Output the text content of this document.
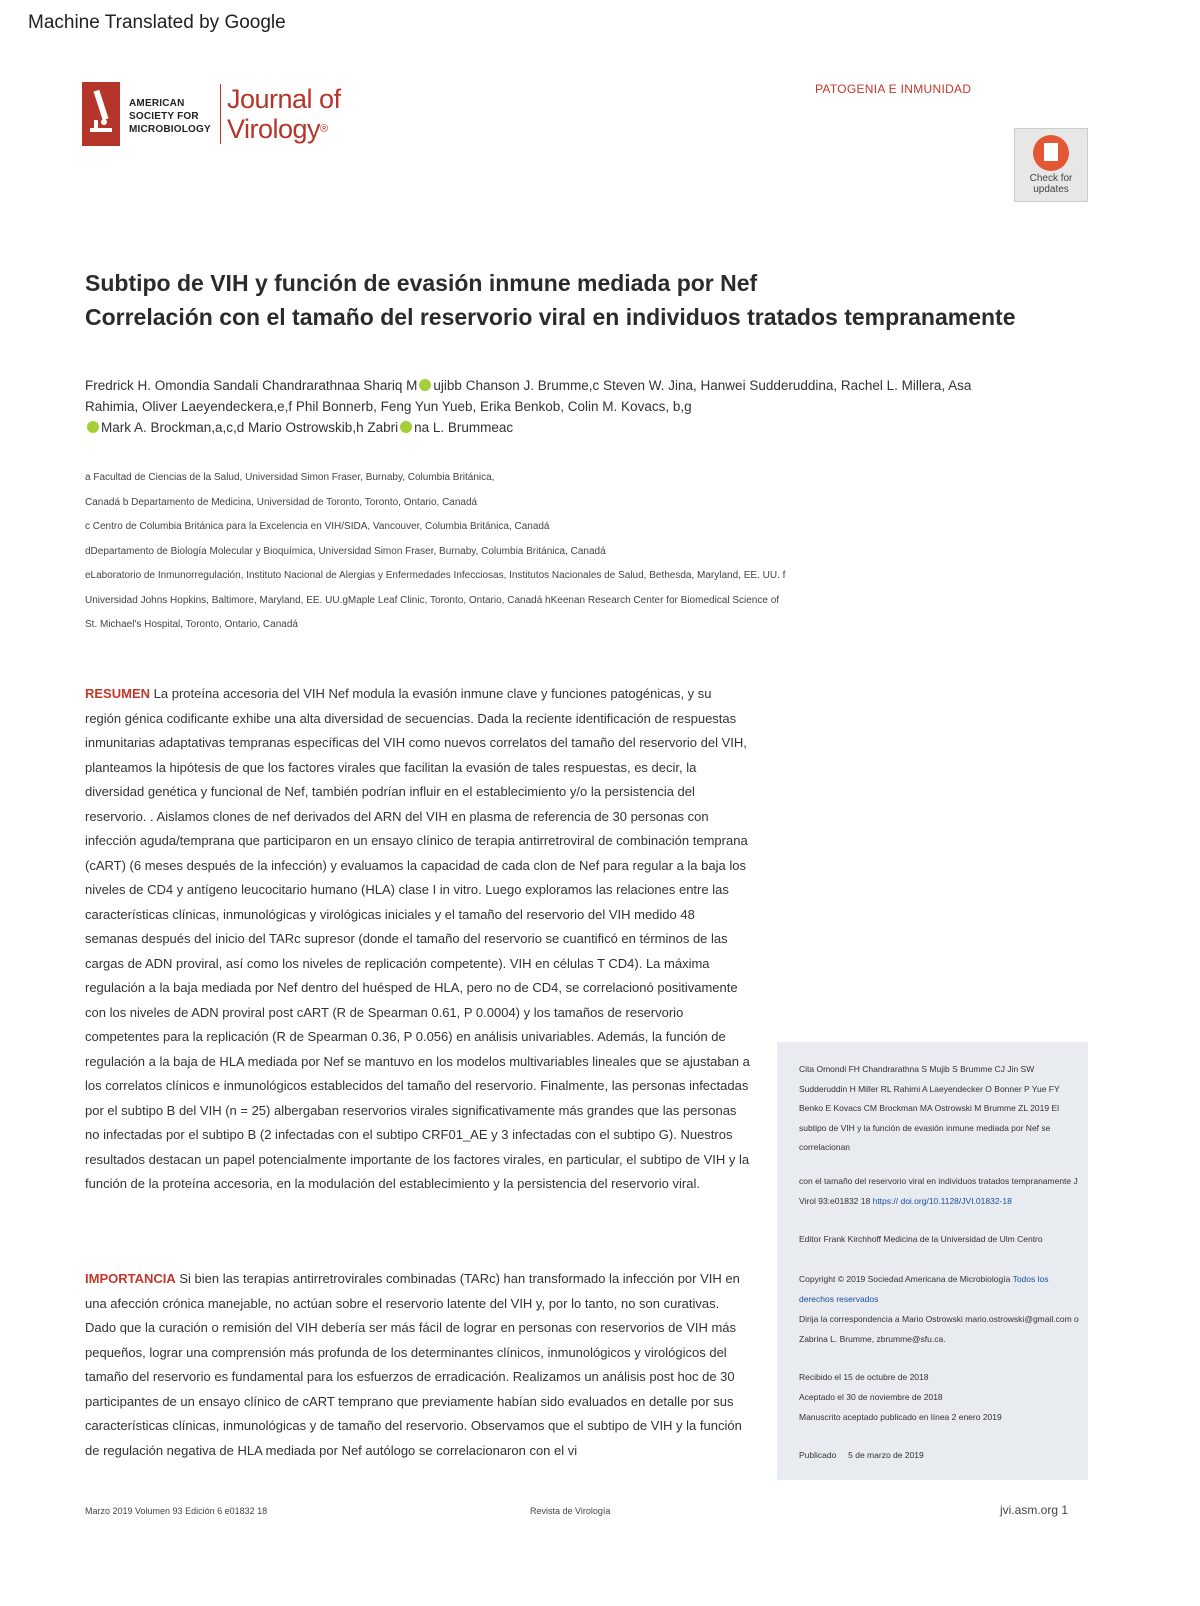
Machine Translated by Google
AMERICAN
SOCIETY FOR
MICROBIOLOGY
Journal of
Virology®
PATOGENIA E INMUNIDAD
Check for
updates
Subtipo de VIH y función de evasión inmune mediada por Nef
Correlación con el tamaño del reservorio viral en individuos tratados tempranamente
Fredrick H. Omondia Sandali Chandrarathnaa Shariq M ujibb Chanson J. Brumme,c Steven W. Jina, Hanwei Sudderuddina, Rachel L. Millera, Asa
Rahimia, Oliver Laeyendeckera,e,f Phil Bonnerb, Feng Yun Yueb, Erika Benkob, Colin M. Kovacs, b,g
Mark A. Brockman,a,c,d Mario Ostrowskib,h Zabri na L. Brummeac
a Facultad de Ciencias de la Salud, Universidad Simon Fraser, Burnaby, Columbia Británica,
Canadá b Departamento de Medicina, Universidad de Toronto, Toronto, Ontario, Canadá
c Centro de Columbia Británica para la Excelencia en VIH/SIDA, Vancouver, Columbia Británica, Canadá
dDepartamento de Biología Molecular y Bioquímica, Universidad Simon Fraser, Burnaby, Columbia Británica, Canadá
eLaboratorio de Inmunorregulación, Instituto Nacional de Alergias y Enfermedades Infecciosas, Institutos Nacionales de Salud, Bethesda, Maryland, EE. UU. f
Universidad Johns Hopkins, Baltimore, Maryland, EE. UU.gMaple Leaf Clinic, Toronto, Ontario, Canadá hKeenan Research Center for Biomedical Science of
St. Michael's Hospital, Toronto, Ontario, Canadá
RESUMEN La proteína accesoria del VIH Nef modula la evasión inmune clave y funciones patogénicas, y su región génica codificante exhibe una alta diversidad de secuencias. Dada la reciente identificación de respuestas inmunitarias adaptativas tempranas específicas del VIH como nuevos correlatos del tamaño del reservorio del VIH, planteamos la hipótesis de que los factores virales que facilitan la evasión de tales respuestas, es decir, la diversidad genética y funcional de Nef, también podrían influir en el establecimiento y/o la persistencia del reservorio. . Aislamos clones de nef derivados del ARN del VIH en plasma de referencia de 30 personas con infección aguda/temprana que participaron en un ensayo clínico de terapia antirretroviral de combinación temprana (cART) (6 meses después de la infección) y evaluamos la capacidad de cada clon de Nef para regular a la baja los niveles de CD4 y antígeno leucocitario humano (HLA) clase I in vitro. Luego exploramos las relaciones entre las características clínicas, inmunológicas y virológicas iniciales y el tamaño del reservorio del VIH medido 48 semanas después del inicio del TARc supresor (donde el tamaño del reservorio se cuantificó en términos de las cargas de ADN proviral, así como los niveles de replicación competente). VIH en células T CD4). La máxima regulación a la baja mediada por Nef dentro del huésped de HLA, pero no de CD4, se correlacionó positivamente con los niveles de ADN proviral post cART (R de Spearman 0.61, P 0.0004) y los tamaños de reservorio competentes para la replicación (R de Spearman 0.36, P 0.056) en análisis univariables. Además, la función de regulación a la baja de HLA mediada por Nef se mantuvo en los modelos multivariables lineales que se ajustaban a los correlatos clínicos e inmunológicos establecidos del tamaño del reservorio. Finalmente, las personas infectadas por el subtipo B del VIH (n = 25) albergaban reservorios virales significativamente más grandes que las personas no infectadas por el subtipo B (2 infectadas con el subtipo CRF01_AE y 3 infectadas con el subtipo G). Nuestros resultados destacan un papel potencialmente importante de los factores virales, en particular, el subtipo de VIH y la función de la proteína accesoria, en la modulación del establecimiento y la persistencia del reservorio viral.
IMPORTANCIA Si bien las terapias antirretrovirales combinadas (TARc) han transformado la infección por VIH en una afección crónica manejable, no actúan sobre el reservorio latente del VIH y, por lo tanto, no son curativas. Dado que la curación o remisión del VIH debería ser más fácil de lograr en personas con reservorios de VIH más pequeños, lograr una comprensión más profunda de los determinantes clínicos, inmunológicos y virológicos del tamaño del reservorio es fundamental para los esfuerzos de erradicación. Realizamos un análisis post hoc de 30 participantes de un ensayo clínico de cART temprano que previamente habían sido evaluados en detalle por sus características clínicas, inmunológicas y de tamaño del reservorio. Observamos que el subtipo de VIH y la función de regulación negativa de HLA mediada por Nef autólogo se correlacionaron con el vi
Cita Omondi FH Chandrarathna S Mujib S Brumme CJ Jin SW Sudderuddin H Miller RL Rahimi A Laeyendecker O Bonner P Yue FY Benko E Kovacs CM Brockman MA Ostrowski M Brumme ZL 2019 El subtipo de VIH y la función de evasión inmune mediada por Nef se correlacionan
con el tamaño del reservorio viral en individuos tratados tempranamente J Virol 93:e01832 18 https:// doi.org/10.1128/JVI.01832-18
Editor Frank Kirchhoff Medicina de la Universidad de Ulm Centro
Copyright © 2019 Sociedad Americana de Microbiología Todos los derechos reservados
Dirija la correspondencia a Mario Ostrowski mario.ostrowski@gmail.com o Zabrina L. Brumme, zbrumme@sfu.ca.
Recibido el 15 de octubre de 2018
Aceptado el 30 de noviembre de 2018
Manuscrito aceptado publicado en línea 2 enero 2019
Publicado 5 de marzo de 2019
Marzo 2019 Volumen 93 Edición 6 e01832 18	Revista de Virología	jvi.asm.org 1
